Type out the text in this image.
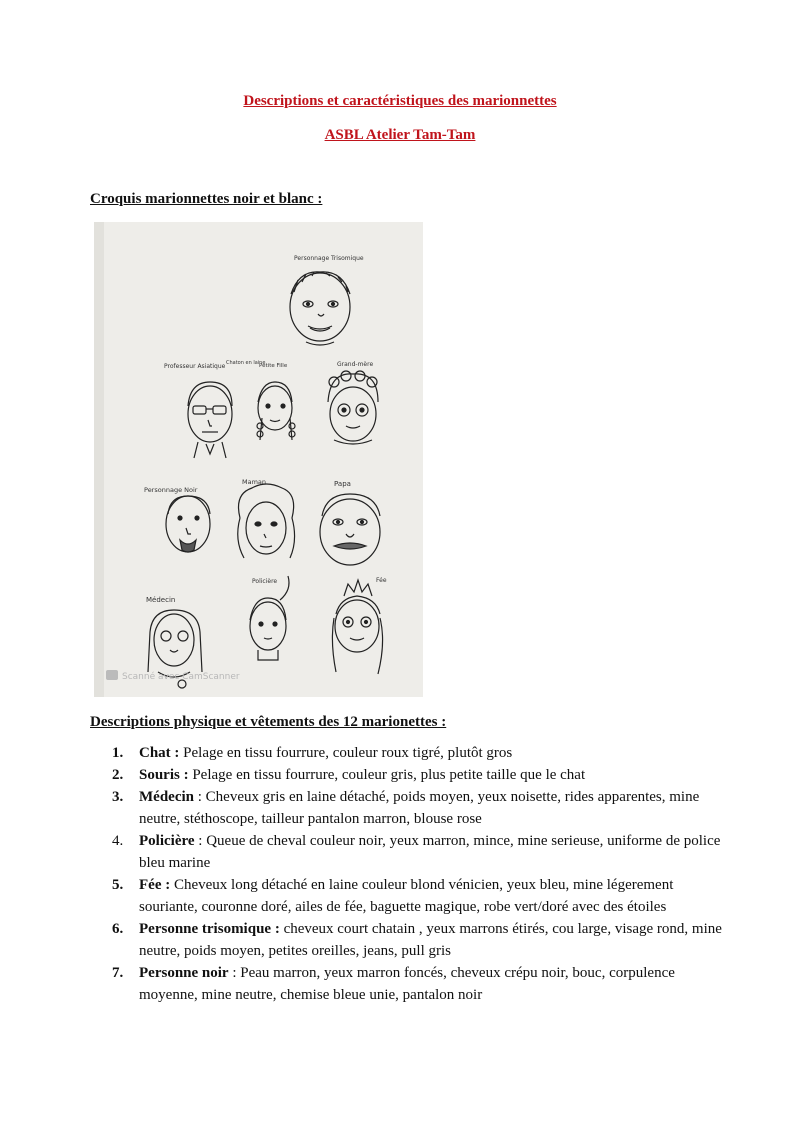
Descriptions et caractéristiques des marionnettes
ASBL Atelier Tam-Tam
Croquis marionnettes noir et blanc :
Personnage Trisomique
Professeur Asiatique Chaton en laine
Petite Fille	Grand-mère
Personnage Noir
Maman	Papa
Médecin
Policière	Fée
Scanné avec CamScanner
Descriptions physique et vêtements des 12 marionettes :
1. Chat : Pelage en tissu fourrure, couleur roux tigré, plutôt gros
2. Souris : Pelage en tissu fourrure, couleur gris, plus petite taille que le chat
3. Médecin : Cheveux gris en laine détaché, poids moyen, yeux noisette, rides apparentes, mine neutre, stéthoscope, tailleur pantalon marron, blouse rose
4. Policière : Queue de cheval couleur noir, yeux marron, mince, mine serieuse, uniforme de police bleu marine
5. Fée : Cheveux long détaché en laine couleur blond vénicien, yeux bleu, mine légerement souriante, couronne doré, ailes de fée, baguette magique, robe vert/doré avec des étoiles
6. Personne trisomique : cheveux court chatain , yeux marrons étirés, cou large, visage rond, mine neutre, poids moyen, petites oreilles, jeans, pull gris
7. Personne noir : Peau marron, yeux marron foncés, cheveux crépu noir, bouc, corpulence moyenne, mine neutre, chemise bleue unie, pantalon noir
